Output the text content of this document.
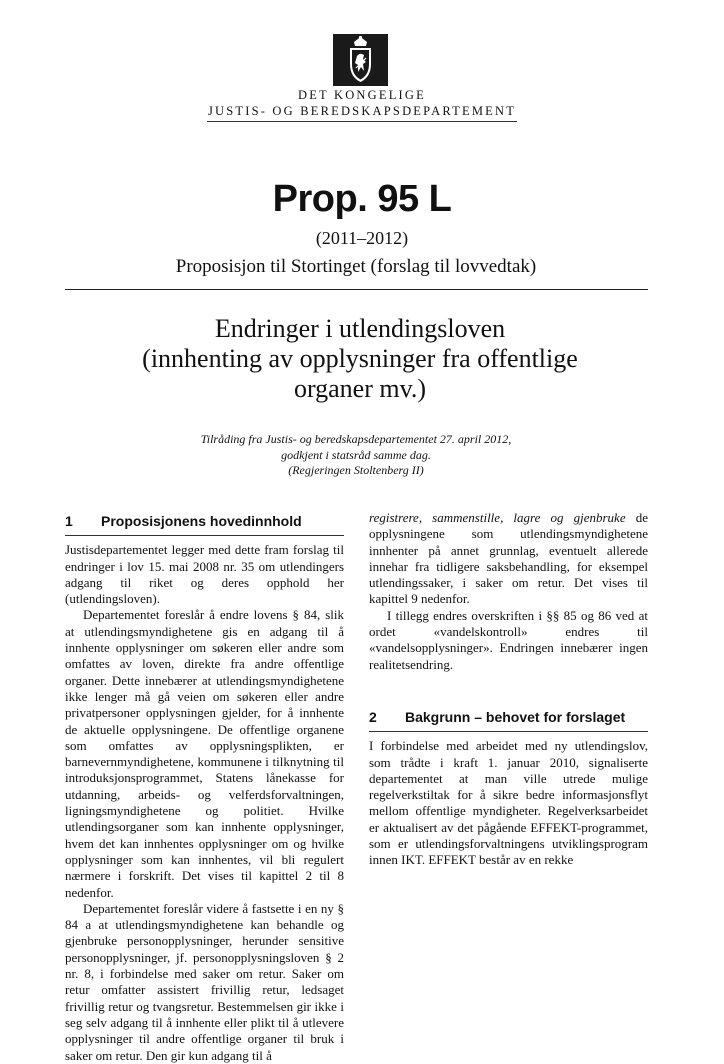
DET KONGELIGE
JUSTIS- OG BEREDSKAPSDEPARTEMENT
Prop. 95 L
(2011–2012)
Proposisjon til Stortinget (forslag til lovvedtak)
Endringer i utlendingsloven
(innhenting av opplysninger fra offentlige
organer mv.)
Tilråding fra Justis- og beredskapsdepartementet 27. april 2012,
godkjent i statsråd samme dag.
(Regjeringen Stoltenberg II)
1	Proposisjonens hovedinnhold

Justisdepartementet legger med dette fram forslag til endringer i lov 15. mai 2008 nr. 35 om utlendingers adgang til riket og deres opphold her (utlendingsloven).

Departementet foreslår å endre lovens § 84, slik at utlendingsmyndighetene gis en adgang til å innhente opplysninger om søkeren eller andre som omfattes av loven, direkte fra andre offentlige organer. Dette innebærer at utlendingsmyndighetene ikke lenger må gå veien om søkeren eller andre privatpersoner opplysningen gjelder, for å innhente de aktuelle opplysningene. De offentlige organene som omfattes av opplysningsplikten, er barnevernmyndighetene, kommunene i tilknytning til introduksjonsprogrammet, Statens lånekasse for utdanning, arbeids- og velferdsforvaltningen, ligningsmyndighetene og politiet. Hvilke utlendingsorganer som kan innhente opplysninger, hvem det kan innhentes opplysninger om og hvilke opplysninger som kan innhentes, vil bli regulert nærmere i forskrift. Det vises til kapittel 2 til 8 nedenfor.

Departementet foreslår videre å fastsette i en ny § 84 a at utlendingsmyndighetene kan behandle og gjenbruke personopplysninger, herunder sensitive personopplysninger, jf. personopplysningsloven § 2 nr. 8, i forbindelse med saker om retur. Saker om retur omfatter assistert frivillig retur, ledsaget frivillig retur og tvangsretur. Bestemmelsen gir ikke i seg selv adgang til å innhente eller plikt til å utlevere opplysninger til andre offentlige organer til bruk i saker om retur. Den gir kun adgang til å

registrere, sammenstille, lagre og gjenbruke de opplysningene som utlendingsmyndighetene innhenter på annet grunnlag, eventuelt allerede innehar fra tidligere saksbehandling, for eksempel utlendingssaker, i saker om retur. Det vises til kapittel 9 nedenfor.

I tillegg endres overskriften i §§ 85 og 86 ved at ordet «vandelskontroll» endres til «vandelsopplysninger». Endringen innebærer ingen realitetsendring.

2	Bakgrunn – behovet for forslaget

I forbindelse med arbeidet med ny utlendingslov, som trådte i kraft 1. januar 2010, signaliserte departementet at man ville utrede mulige regelverkstiltak for å sikre bedre informasjonsflyt mellom offentlige myndigheter. Regelverksarbeidet er aktualisert av det pågående EFFEKT-programmet, som er utlendingsforvaltningens utviklingsprogram innen IKT. EFFEKT består av en rekke
